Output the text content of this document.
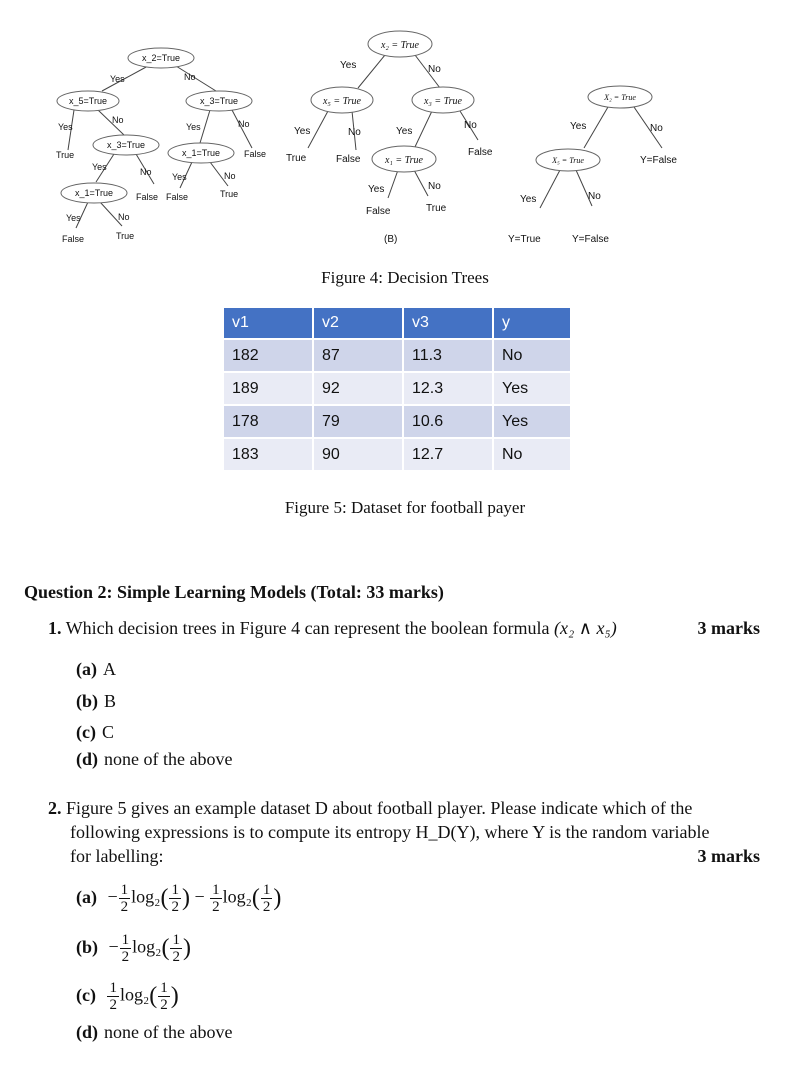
x_2=True
Yes	No
x_5=True	x_3=True
Yes
No
True
x_3=True
Yes	No
x_1=True	False
Yes	No
False	True
Yes	No
x_1=True	False
Yes	No
False	True
x₂ = True
Yes	No
x₅ = True	x₃ = True
Yes	No
True	False
Yes
No
False
x₁ = True
Yes	No
False	True
(B)
X₂ = True
Yes	No
Y=False
X₅ = True
Yes	No
Y=True	Y=False
Figure 4: Decision Trees
v1	v2	v3	y
182	87	11.3	No
189	92	12.3	Yes
178	79	10.6	Yes
183	90	12.7	No
Figure 5: Dataset for football payer
Question 2: Simple Learning Models (Total: 33 marks)
1. Which decision trees in Figure 4 can represent the boolean formula (x₂ ∧ x₅)	3 marks
(a) A
(b) B
(c) C
(d) none of the above
2. Figure 5 gives an example dataset D about football player. Please indicate which of the
following expressions is to compute its entropy H_D(Y), where Y is the random variable
for labelling:	3 marks
$(a) - \frac{1}{2} \log_2( \frac{1}{2}$ ) − $\frac{1}{2} \log_2( \frac{1}{2}$ )
$(b) - \frac{1}{2} \log_2( \frac{1}{2}$ )
$(c) \frac{1}{2} \log_2( \frac{1}{2}$ )
(d) none of the above
